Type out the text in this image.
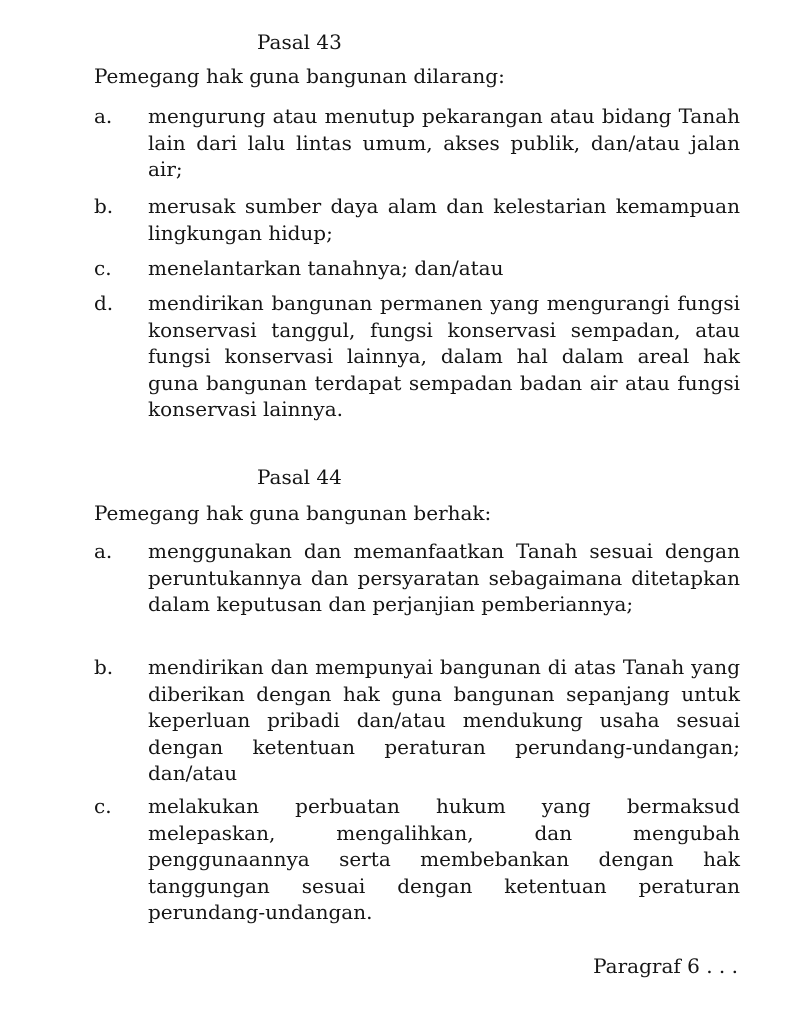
Pasal 43
Pemegang hak guna bangunan dilarang:
a. mengurung atau menutup pekarangan atau bidang Tanah lain dari lalu lintas umum, akses publik, dan/atau jalan air;
b. merusak sumber daya alam dan kelestarian kemampuan lingkungan hidup;
c. menelantarkan tanahnya; dan/atau
d. mendirikan bangunan permanen yang mengurangi fungsi konservasi tanggul, fungsi konservasi sempadan, atau fungsi konservasi lainnya, dalam hal dalam areal hak guna bangunan terdapat sempadan badan air atau fungsi konservasi lainnya.
Pasal 44
Pemegang hak guna bangunan berhak:
a. menggunakan dan memanfaatkan Tanah sesuai dengan peruntukannya dan persyaratan sebagaimana ditetapkan dalam keputusan dan perjanjian pemberiannya;
b. mendirikan dan mempunyai bangunan di atas Tanah yang diberikan dengan hak guna bangunan sepanjang untuk keperluan pribadi dan/atau mendukung usaha sesuai dengan ketentuan peraturan perundang-undangan; dan/atau
c. melakukan perbuatan hukum yang bermaksud melepaskan, mengalihkan, dan mengubah penggunaannya serta membebankan dengan hak tanggungan sesuai dengan ketentuan peraturan perundang-undangan.
Paragraf 6 . . .
